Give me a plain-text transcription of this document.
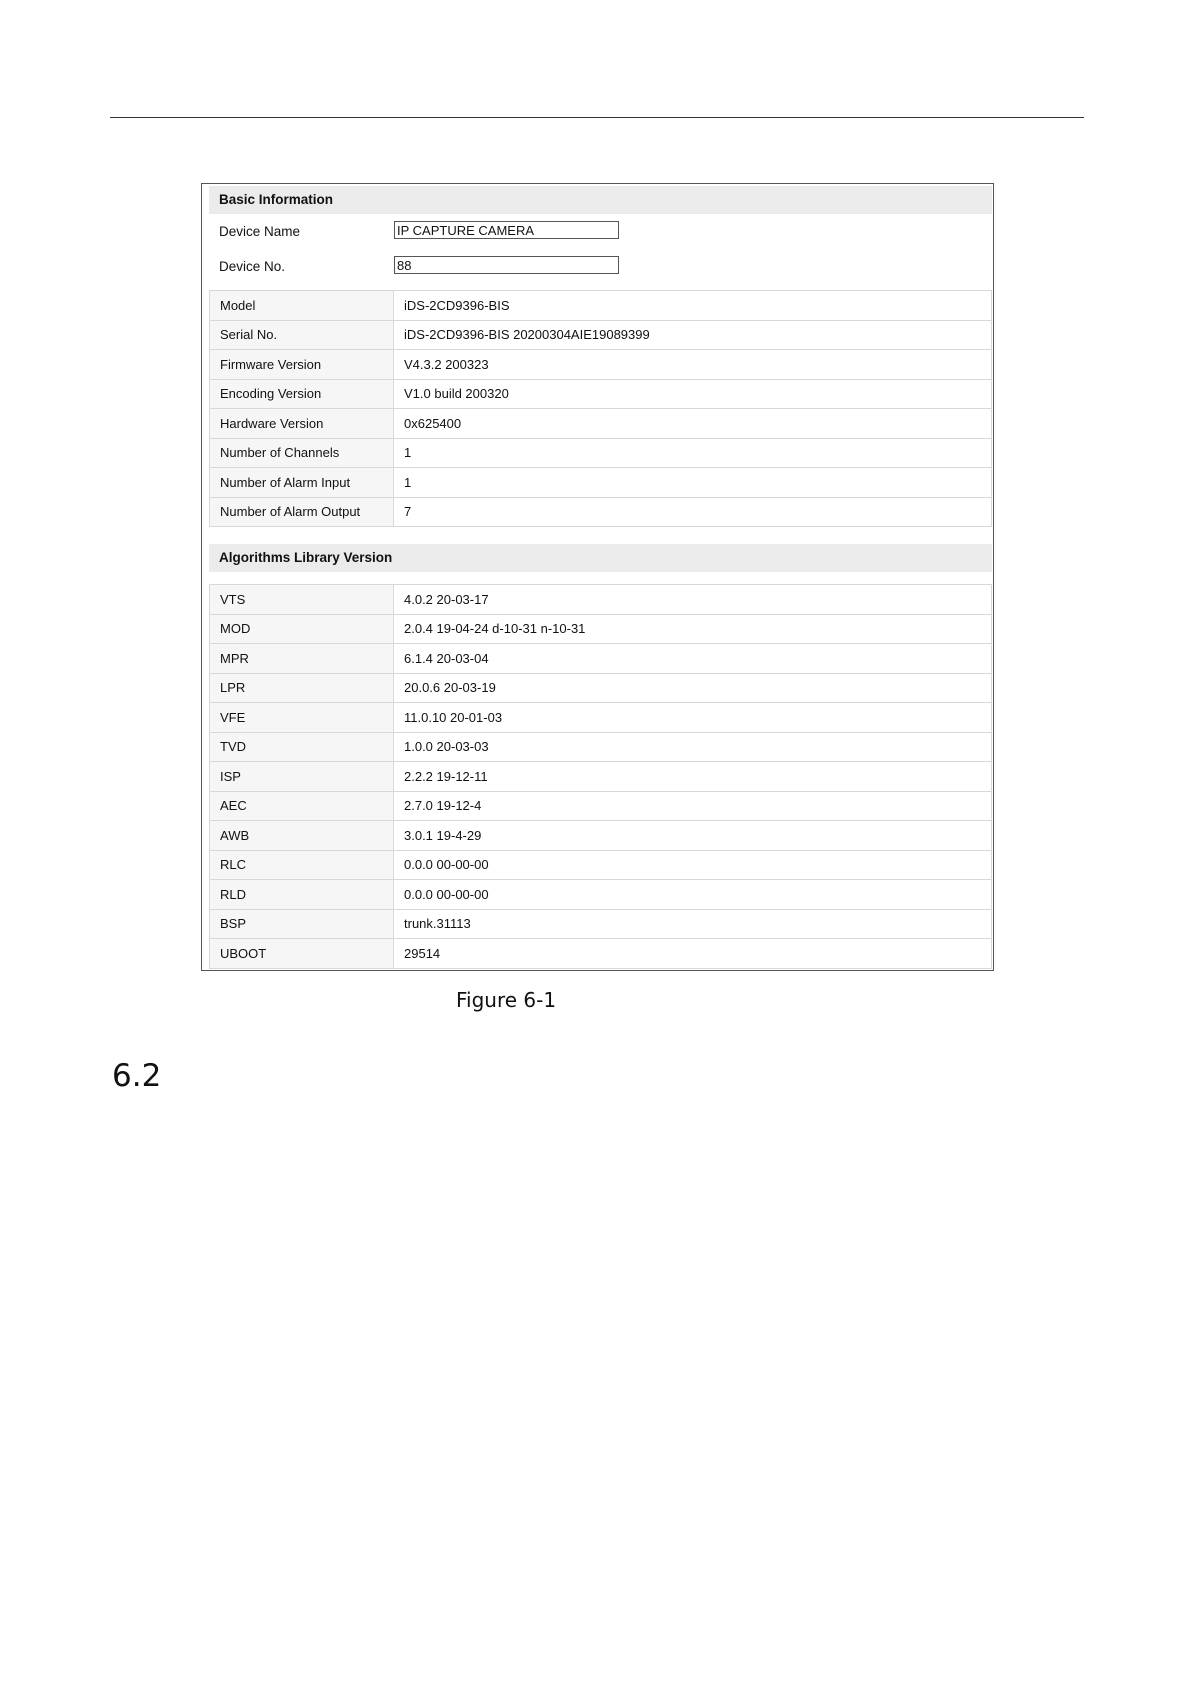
Basic Information
Device Name
IP CAPTURE CAMERA
Device No.
88
Model	iDS-2CD9396-BIS
Serial No.	iDS-2CD9396-BIS 20200304AIE19089399
Firmware Version	V4.3.2 200323
Encoding Version	V1.0 build 200320
Hardware Version	0x625400
Number of Channels	1
Number of Alarm Input	1
Number of Alarm Output	7
Algorithms Library Version
VTS	4.0.2 20-03-17
MOD	2.0.4 19-04-24 d-10-31 n-10-31
MPR	6.1.4 20-03-04
LPR	20.0.6 20-03-19
VFE	11.0.10 20-01-03
TVD	1.0.0 20-03-03
ISP	2.2.2 19-12-11
AEC	2.7.0 19-12-4
AWB	3.0.1 19-4-29
RLC	0.0.0 00-00-00
RLD	0.0.0 00-00-00
BSP	trunk.31113
UBOOT	29514
Figure 6-1
6.2
